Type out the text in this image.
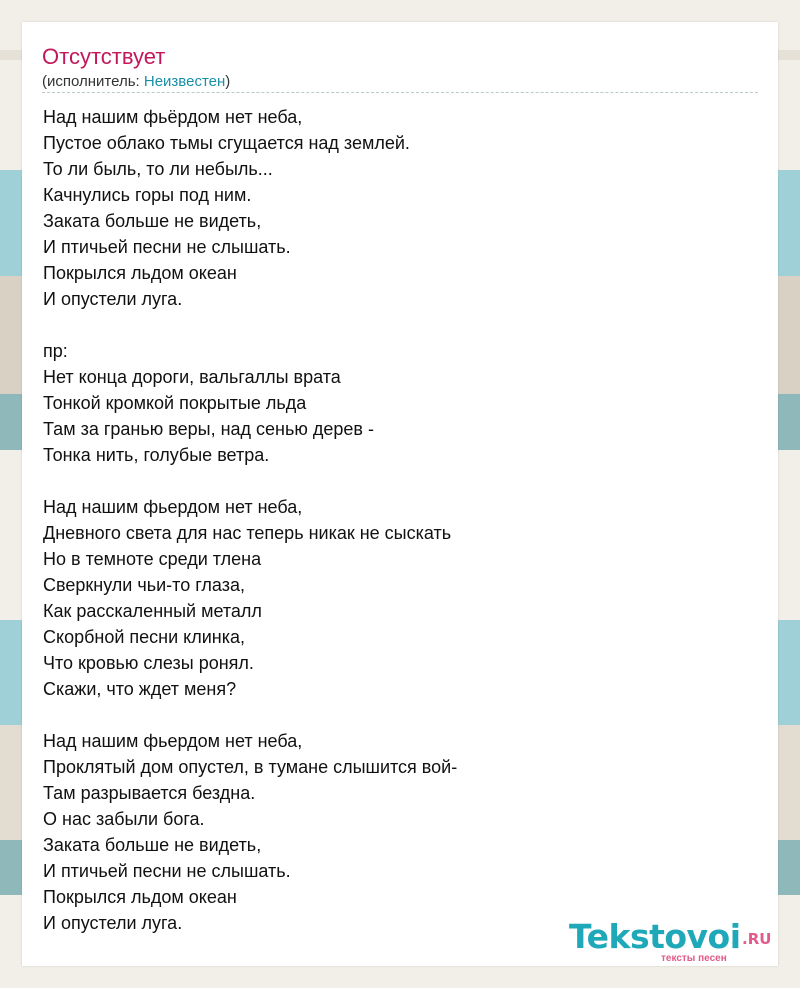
Отсутствует
(исполнитель: Неизвестен)
Над нашим фьёрдом нет неба,
Пустое облако тьмы сгущается над землей.
То ли быль, то ли небыль...
Качнулись горы под ним.
Заката больше не видеть,
И птичьей песни не слышать.
Покрылся льдом океан
И опустели луга.
пр:
Нет конца дороги, вальгаллы врата
Тонкой кромкой покрытые льда
Там за гранью веры, над сенью дерев -
Тонка нить, голубые ветра.
Над нашим фьердом нет неба,
Дневного света для нас теперь никак не сыскать
Но в темноте среди тлена
Сверкнули чьи-то глаза,
Как расскаленный металл
Скорбной песни клинка,
Что кровью слезы ронял.
Скажи, что ждет меня?
Над нашим фьердом нет неба,
Проклятый дом опустел, в тумане слышится вой-
Там разрывается бездна.
О нас забыли бога.
Заката больше не видеть,
И птичьей песни не слышать.
Покрылся льдом океан
И опустели луга.	Tekstovoi .RU
тексты песен
